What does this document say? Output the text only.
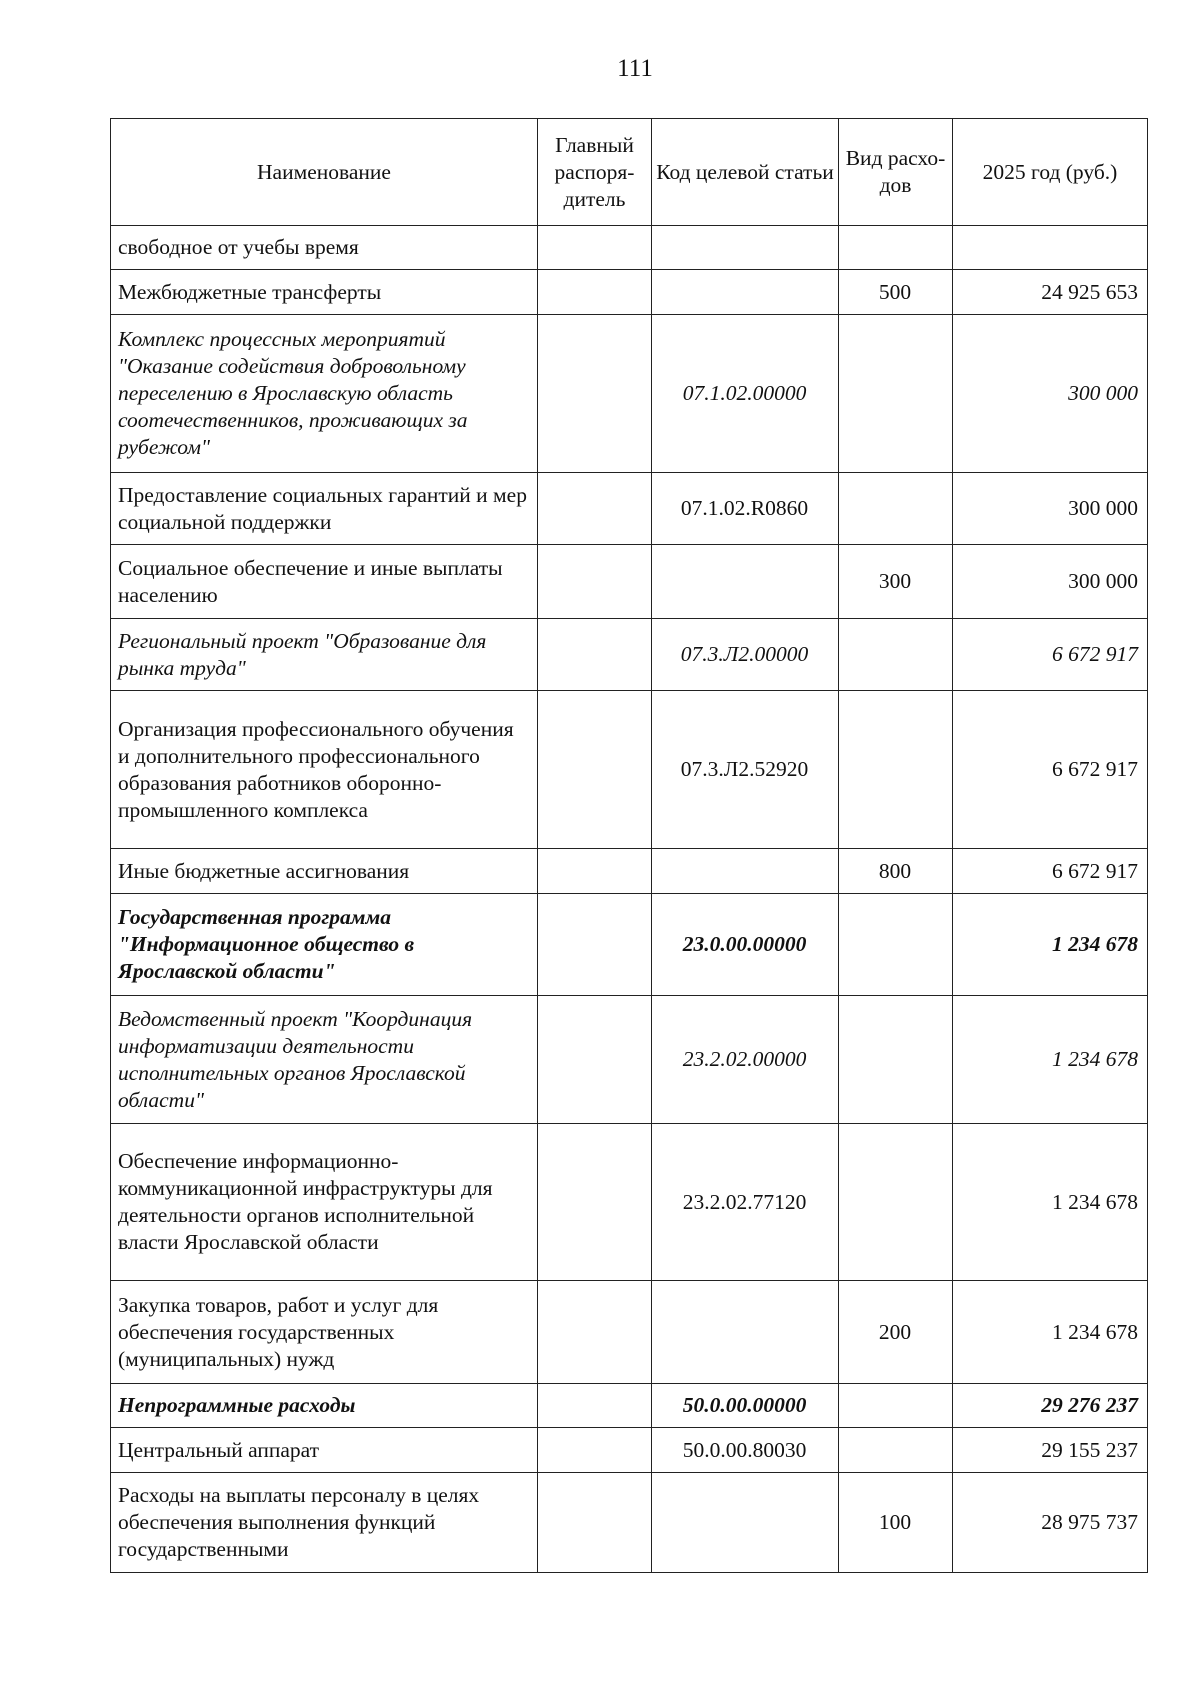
111
Наименование	Главный распоря-дитель	Код целевой статьи	Вид расхо-дов	2025 год (руб.)
свободное от учебы время				
Межбюджетные трансферты			500	24 925 653
Комплекс процессных мероприятий "Оказание содействия добровольному переселению в Ярославскую область соотечественников, проживающих за рубежом"		07.1.02.00000		300 000
Предоставление социальных гарантий и мер социальной поддержки		07.1.02.R0860		300 000
Социальное обеспечение и иные выплаты населению			300	300 000
Региональный проект "Образование для рынка труда"		07.3.Л2.00000		6 672 917
Организация профессионального обучения и дополнительного профессионального образования работников оборонно-промышленного комплекса		07.3.Л2.52920		6 672 917
Иные бюджетные ассигнования			800	6 672 917
Государственная программа "Информационное общество в Ярославской области"		23.0.00.00000		1 234 678
Ведомственный проект "Координация информатизации деятельности исполнительных органов Ярославской области"		23.2.02.00000		1 234 678
Обеспечение информационно-коммуникационной инфраструктуры для деятельности органов исполнительной власти Ярославской области		23.2.02.77120		1 234 678
Закупка товаров, работ и услуг для обеспечения государственных (муниципальных) нужд			200	1 234 678
Непрограммные расходы		50.0.00.00000		29 276 237
Центральный аппарат		50.0.00.80030		29 155 237
Расходы на выплаты персоналу в целях обеспечения выполнения функций государственными			100	28 975 737
